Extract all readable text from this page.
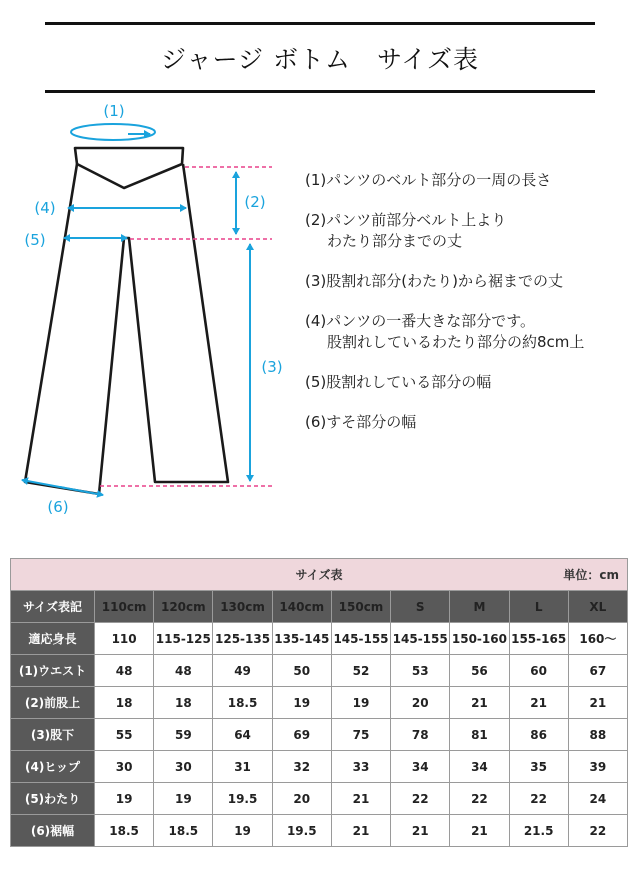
ジャージ ボトム　サイズ表
(1)
(2)
(3)
(4)
(5)
(6)
(1)パンツのベルト部分の一周の長さ
(2)パンツ前部分ベルト上より
わたり部分までの丈
(3)股割れ部分(わたり)から裾までの丈
(4)パンツの一番大きな部分です。
股割れしているわたり部分の約8cm上
(5)股割れしている部分の幅
(6)すそ部分の幅
サイズ表 単位：cm									

サイズ表記	110cm	120cm	130cm	140cm	150cm	S	M	L	XL
適応身長	110	115-125	125-135	135-145	145-155	145-155	150-160	155-165	160～
(1)ウエスト	48	48	49	50	52	53	56	60	67
(2)前股上	18	18	18.5	19	19	20	21	21	21
(3)股下	55	59	64	69	75	78	81	86	88
(4)ヒップ	30	30	31	32	33	34	34	35	39
(5)わたり	19	19	19.5	20	21	22	22	22	24
(6)裾幅	18.5	18.5	19	19.5	21	21	21	21.5	22
